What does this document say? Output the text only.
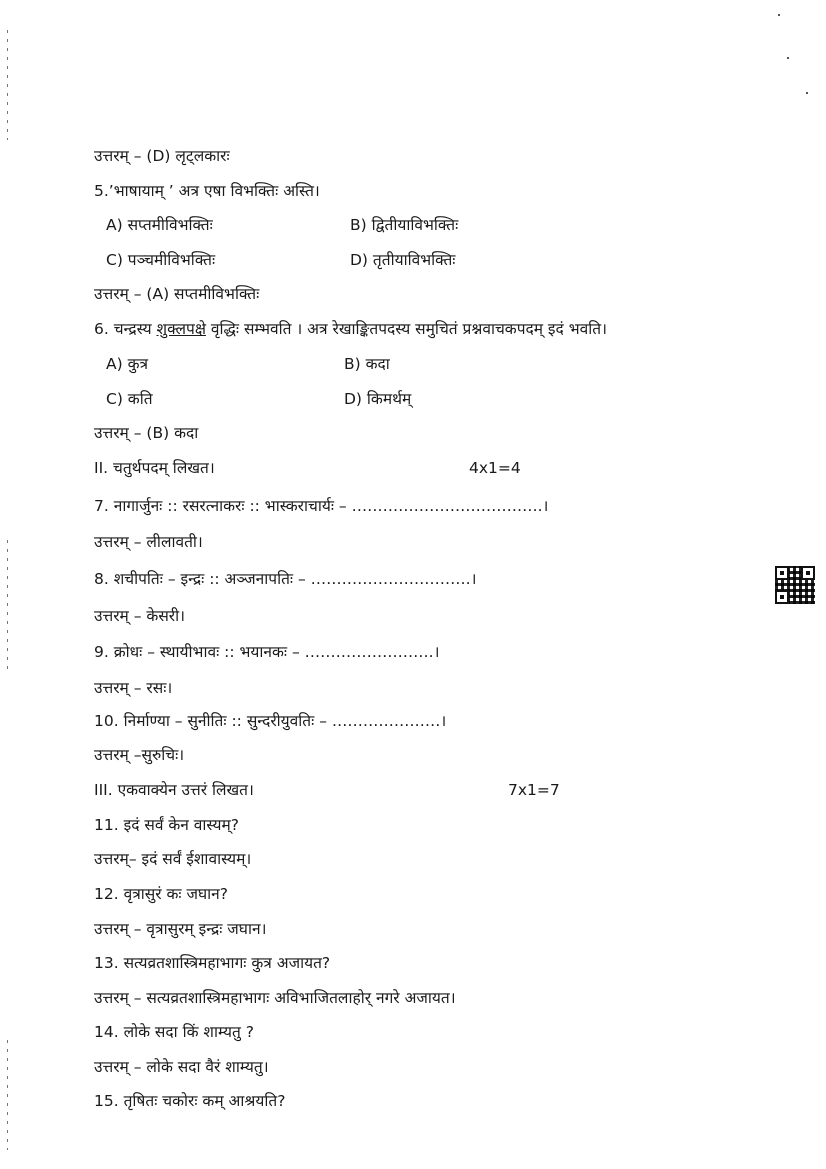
उत्तरम् – (D) लृट्लकारः
5.’भाषायाम् ’ अत्र एषा विभक्तिः अस्ति।
A) सप्तमीविभक्तिः	B) द्वितीयाविभक्तिः
C) पञ्चमीविभक्तिः	D) तृतीयाविभक्तिः
उत्तरम् – (A) सप्तमीविभक्तिः
6. चन्द्रस्य शुक्लपक्षे वृद्धिः सम्भवति । अत्र रेखाङ्कितपदस्य समुचितं प्रश्नवाचकपदम् इदं भवति।
A) कुत्र	B) कदा
C) कति	D) किमर्थम्
उत्तरम् – (B) कदा
II. चतुर्थपदम् लिखत।	4x1=4
7. नागार्जुनः :: रसरत्नाकरः :: भास्कराचार्यः – ……………………………….।
उत्तरम् – लीलावती।
8. शचीपतिः – इन्द्रः :: अञ्जनापतिः – ………………………….।
उत्तरम् – केसरी।
9. क्रोधः – स्थायीभावः :: भयानकः – …………………….।
उत्तरम् – रसः।
10. निर्माण्या – सुनीतिः :: सुन्दरीयुवतिः – …………………।
उत्तरम् –सुरुचिः।
III. एकवाक्येन उत्तरं लिखत।	7x1=7
11. इदं सर्वं केन वास्यम्?
उत्तरम्– इदं सर्वं ईशावास्यम्।
12. वृत्रासुरं कः जघान?
उत्तरम् – वृत्रासुरम् इन्द्रः जघान।
13. सत्यव्रतशास्त्रिमहाभागः कुत्र अजायत?
उत्तरम् – सत्यव्रतशास्त्रिमहाभागः अविभाजितलाहोर् नगरे अजायत।
14. लोके सदा किं शाम्यतु ?
उत्तरम् – लोके सदा वैरं शाम्यतु।
15. तृषितः चकोरः कम् आश्रयति?
